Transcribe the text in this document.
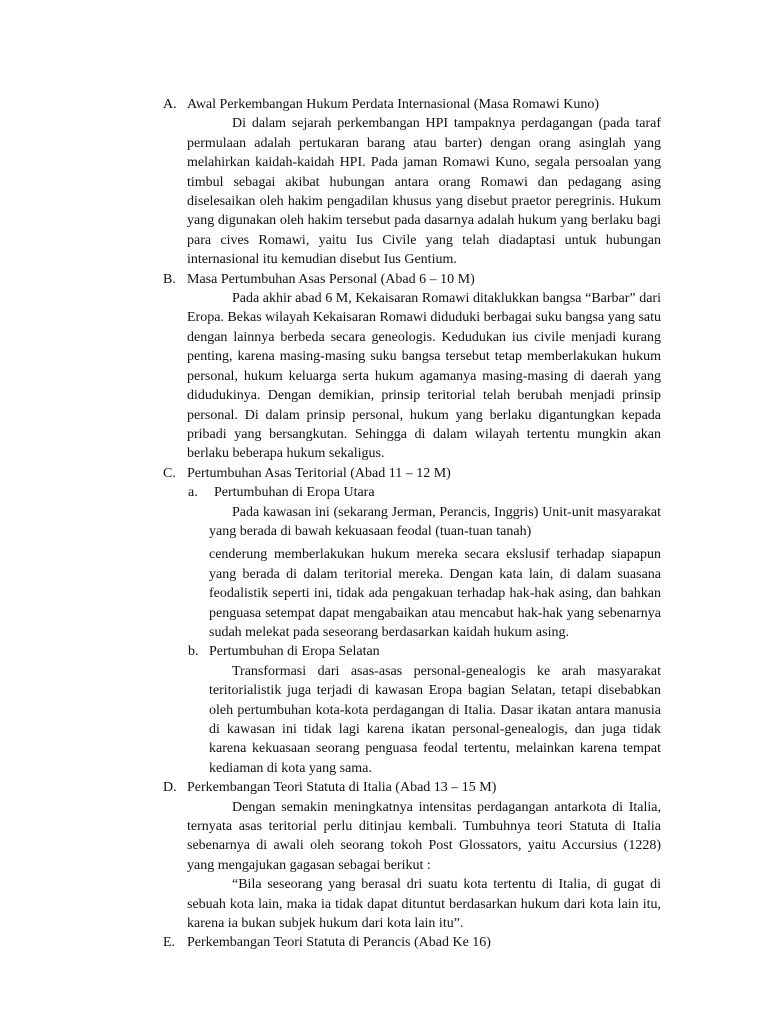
A. Awal Perkembangan Hukum Perdata Internasional (Masa Romawi Kuno)

Di dalam sejarah perkembangan HPI tampaknya perdagangan (pada taraf permulaan adalah pertukaran barang atau barter) dengan orang asinglah yang melahirkan kaidah-kaidah HPI. Pada jaman Romawi Kuno, segala persoalan yang timbul sebagai akibat hubungan antara orang Romawi dan pedagang asing diselesaikan oleh hakim pengadilan khusus yang disebut praetor peregrinis. Hukum yang digunakan oleh hakim tersebut pada dasarnya adalah hukum yang berlaku bagi para cives Romawi, yaitu Ius Civile yang telah diadaptasi untuk hubungan internasional itu kemudian disebut Ius Gentium.

B. Masa Pertumbuhan Asas Personal (Abad 6 – 10 M)

Pada akhir abad 6 M, Kekaisaran Romawi ditaklukkan bangsa “Barbar” dari Eropa. Bekas wilayah Kekaisaran Romawi diduduki berbagai suku bangsa yang satu dengan lainnya berbeda secara geneologis. Kedudukan ius civile menjadi kurang penting, karena masing-masing suku bangsa tersebut tetap memberlakukan hukum personal, hukum keluarga serta hukum agamanya masing-masing di daerah yang didudukinya. Dengan demikian, prinsip teritorial telah berubah menjadi prinsip personal. Di dalam prinsip personal, hukum yang berlaku digantungkan kepada pribadi yang bersangkutan. Sehingga di dalam wilayah tertentu mungkin akan berlaku beberapa hukum sekaligus.

C. Pertumbuhan Asas Teritorial (Abad 11 – 12 M)
a. Pertumbuhan di Eropa Utara

Pada kawasan ini (sekarang Jerman, Perancis, Inggris) Unit-unit masyarakat yang berada di bawah kekuasaan feodal (tuan-tuan tanah)

cenderung memberlakukan hukum mereka secara ekslusif terhadap siapapun yang berada di dalam teritorial mereka. Dengan kata lain, di dalam suasana feodalistik seperti ini, tidak ada pengakuan terhadap hak-hak asing, dan bahkan penguasa setempat dapat mengabaikan atau mencabut hak-hak yang sebenarnya sudah melekat pada seseorang berdasarkan kaidah hukum asing.

b. Pertumbuhan di Eropa Selatan

Transformasi dari asas-asas personal-genealogis ke arah masyarakat teritorialistik juga terjadi di kawasan Eropa bagian Selatan, tetapi disebabkan oleh pertumbuhan kota-kota perdagangan di Italia. Dasar ikatan antara manusia di kawasan ini tidak lagi karena ikatan personal-genealogis, dan juga tidak karena kekuasaan seorang penguasa feodal tertentu, melainkan karena tempat kediaman di kota yang sama.

D. Perkembangan Teori Statuta di Italia (Abad 13 – 15 M)

Dengan semakin meningkatnya intensitas perdagangan antarkota di Italia, ternyata asas teritorial perlu ditinjau kembali. Tumbuhnya teori Statuta di Italia sebenarnya di awali oleh seorang tokoh Post Glossators, yaitu Accursius (1228) yang mengajukan gagasan sebagai berikut :

“Bila seseorang yang berasal dri suatu kota tertentu di Italia, di gugat di sebuah kota lain, maka ia tidak dapat dituntut berdasarkan hukum dari kota lain itu, karena ia bukan subjek hukum dari kota lain itu”.

E. Perkembangan Teori Statuta di Perancis (Abad Ke 16)
